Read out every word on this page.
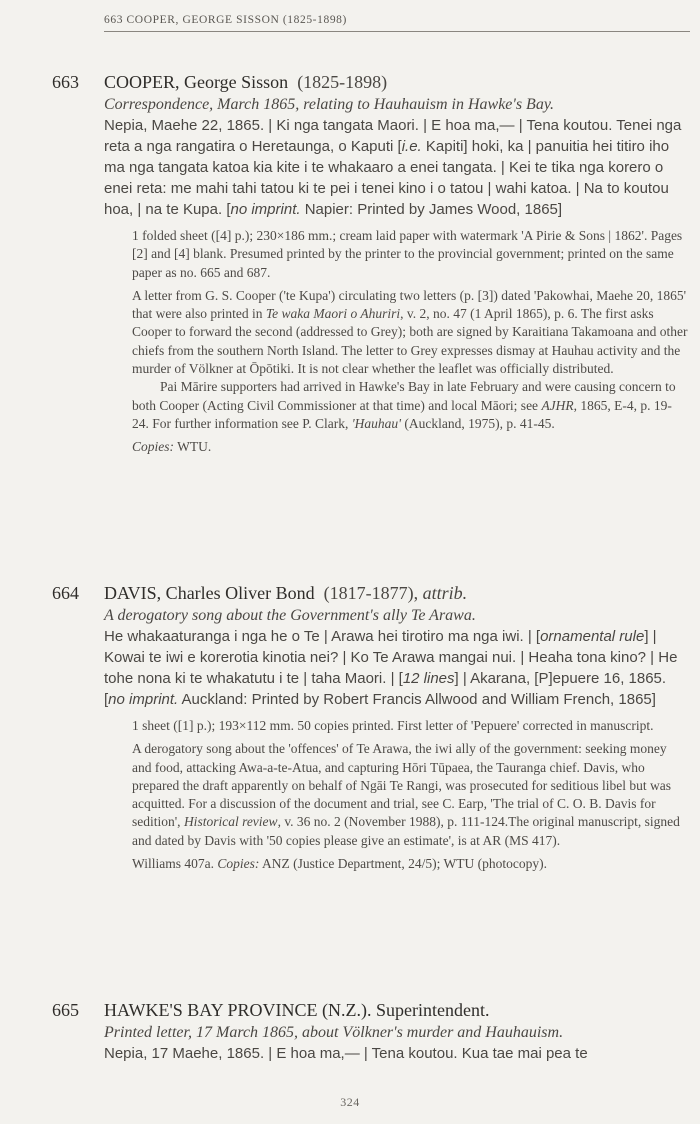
663 COOPER, GEORGE SISSON (1825-1898)
663 COOPER, George Sisson (1825-1898)
Correspondence, March 1865, relating to Hauhauism in Hawke's Bay.
Nepia, Maehe 22, 1865. | Ki nga tangata Maori. | E hoa ma,— | Tena koutou. Tenei nga reta a nga rangatira o Heretaunga, o Kaputi [i.e. Kapiti] hoki, ka | panuitia hei titiro iho ma nga tangata katoa kia kite i te whakaaro a enei tangata. | Kei te tika nga korero o enei reta: me mahi tahi tatou ki te pei i tenei kino i o tatou | wahi katoa. | Na to koutou hoa, | na te Kupa. [no imprint. Napier: Printed by James Wood, 1865]

1 folded sheet ([4] p.); 230×186 mm.; cream laid paper with watermark 'A Pirie & Sons | 1862'. Pages [2] and [4] blank. Presumed printed by the printer to the provincial government; printed on the same paper as no. 665 and 687.

A letter from G. S. Cooper ('te Kupa') circulating two letters (p. [3]) dated 'Pakowhai, Maehe 20, 1865' that were also printed in Te waka Maori o Ahuriri, v. 2, no. 47 (1 April 1865), p. 6. The first asks Cooper to forward the second (addressed to Grey); both are signed by Karaitiana Takamoana and other chiefs from the southern North Island. The letter to Grey expresses dismay at Hauhau activity and the murder of Völkner at Ōpōtiki. It is not clear whether the leaflet was officially distributed.

Pai Mārire supporters had arrived in Hawke's Bay in late February and were causing concern to both Cooper (Acting Civil Commissioner at that time) and local Māori; see AJHR, 1865, E-4, p. 19-24. For further information see P. Clark, 'Hauhau' (Auckland, 1975), p. 41-45.

Copies: WTU.

664 DAVIS, Charles Oliver Bond (1817-1877), attrib.
A derogatory song about the Government's ally Te Arawa.
He whakaaturanga i nga he o Te | Arawa hei tirotiro ma nga iwi. | [ornamental rule] | Kowai te iwi e korerotia kinotia nei? | Ko Te Arawa mangai nui. | Heaha tona kino? | He tohe nona ki te whakatutu i te | taha Maori. | [12 lines] | Akarana, [P]epuere 16, 1865. [no imprint. Auckland: Printed by Robert Francis Allwood and William French, 1865]

1 sheet ([1] p.); 193×112 mm. 50 copies printed. First letter of 'Pepuere' corrected in manuscript.

A derogatory song about the 'offences' of Te Arawa, the iwi ally of the government: seeking money and food, attacking Awa-a-te-Atua, and capturing Hōri Tūpaea, the Tauranga chief. Davis, who prepared the draft apparently on behalf of Ngāi Te Rangi, was prosecuted for seditious libel but was acquitted. For a discussion of the document and trial, see C. Earp, 'The trial of C. O. B. Davis for sedition', Historical review, v. 36 no. 2 (November 1988), p. 111-124.The original manuscript, signed and dated by Davis with '50 copies please give an estimate', is at AR (MS 417).

Williams 407a. Copies: ANZ (Justice Department, 24/5); WTU (photocopy).

665 HAWKE'S BAY PROVINCE (N.Z.). Superintendent.
Printed letter, 17 March 1865, about Völkner's murder and Hauhauism.
Nepia, 17 Maehe, 1865. | E hoa ma,— | Tena koutou. Kua tae mai pea te
324
